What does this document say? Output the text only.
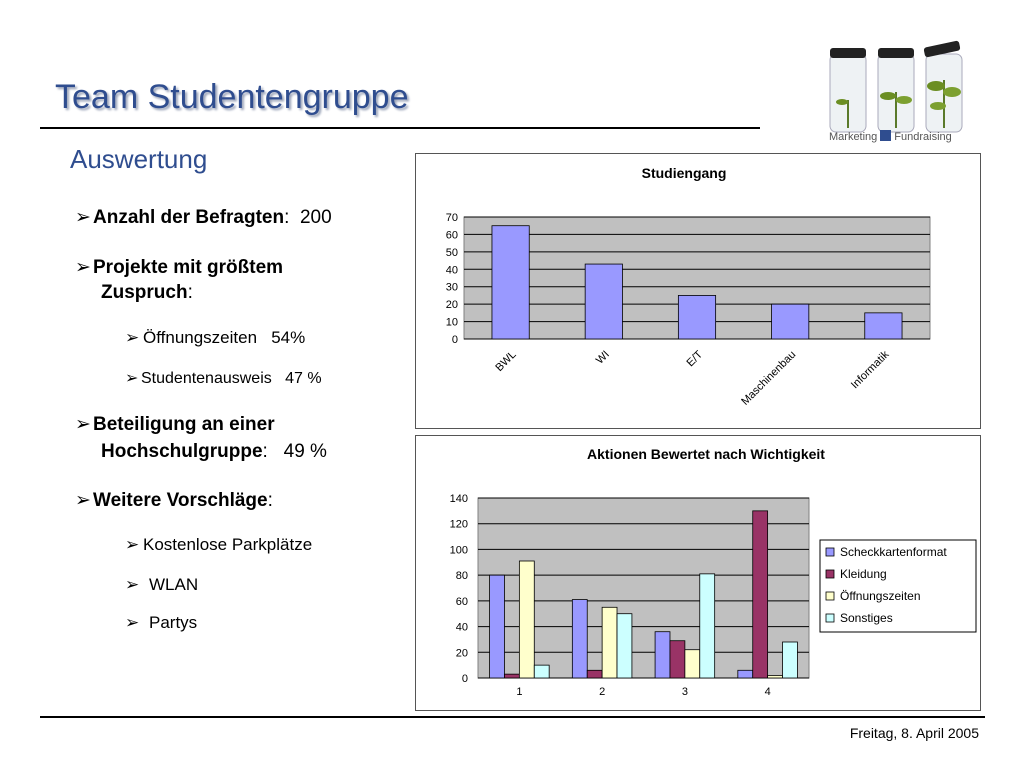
Team Studentengruppe
Auswertung
Marketing Fundraising
➢ Anzahl der Befragten:  200
➢ Projekte mit größtem
Zuspruch:
➢ Öffnungszeiten   54%
➢ Studentenausweis   47 %
➢ Beteiligung an einer
Hochschulgruppe:   49 %
➢ Weitere Vorschläge:
➢ Kostenlose Parkplätze
➢ WLAN
➢ Partys
Studiengang
0
10
20
30
40
50
60
70
BWL	WI	E/T	Maschinenbau	Informatik
Aktionen Bewertet nach Wichtigkeit
0
20
40
60
80
100
120
140
1	2	3	4
Scheckkartenformat
Kleidung
Öffnungszeiten
Sonstiges
Freitag, 8. April 2005
